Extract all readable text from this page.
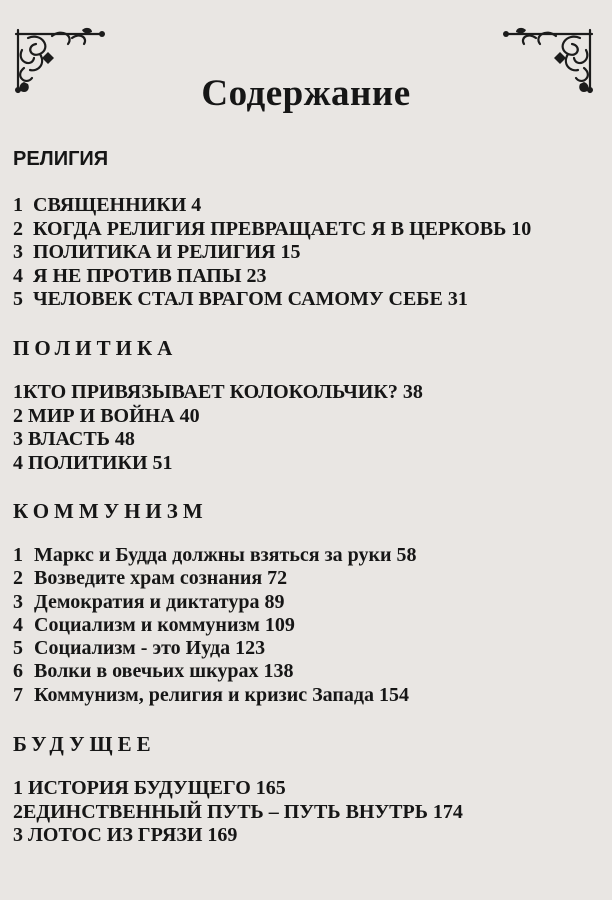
Содержание
РЕЛИГИЯ
1 СВЯЩЕННИКИ 4
2 КОГДА РЕЛИГИЯ ПРЕВРАЩАЕТС Я В ЦЕРКОВЬ 10
3 ПОЛИТИКА И РЕЛИГИЯ 15
4 Я НЕ ПРОТИВ ПАПЫ 23
5 ЧЕЛОВЕК СТАЛ ВРАГОМ САМОМУ СЕБЕ 31
ПОЛИТИКА
1КТО ПРИВЯЗЫВАЕТ КОЛОКОЛЬЧИК? 38
2 МИР И ВОЙНА 40
3 ВЛАСТЬ 48
4 ПОЛИТИКИ 51
КОММУНИЗМ
1 Маркс и Будда должны взяться за руки 58
2 Возведите храм сознания 72
3 Демократия и диктатура 89
4 Социализм и коммунизм 109
5 Социализм - это Иуда 123
6 Волки в овечьих шкурах 138
7 Коммунизм, религия и кризис Запада 154
БУДУЩЕЕ
1 ИСТОРИЯ БУДУЩЕГО 165
2ЕДИНСТВЕННЫЙ ПУТЬ – ПУТЬ ВНУТРЬ 174
3 ЛОТОС ИЗ ГРЯЗИ 169
